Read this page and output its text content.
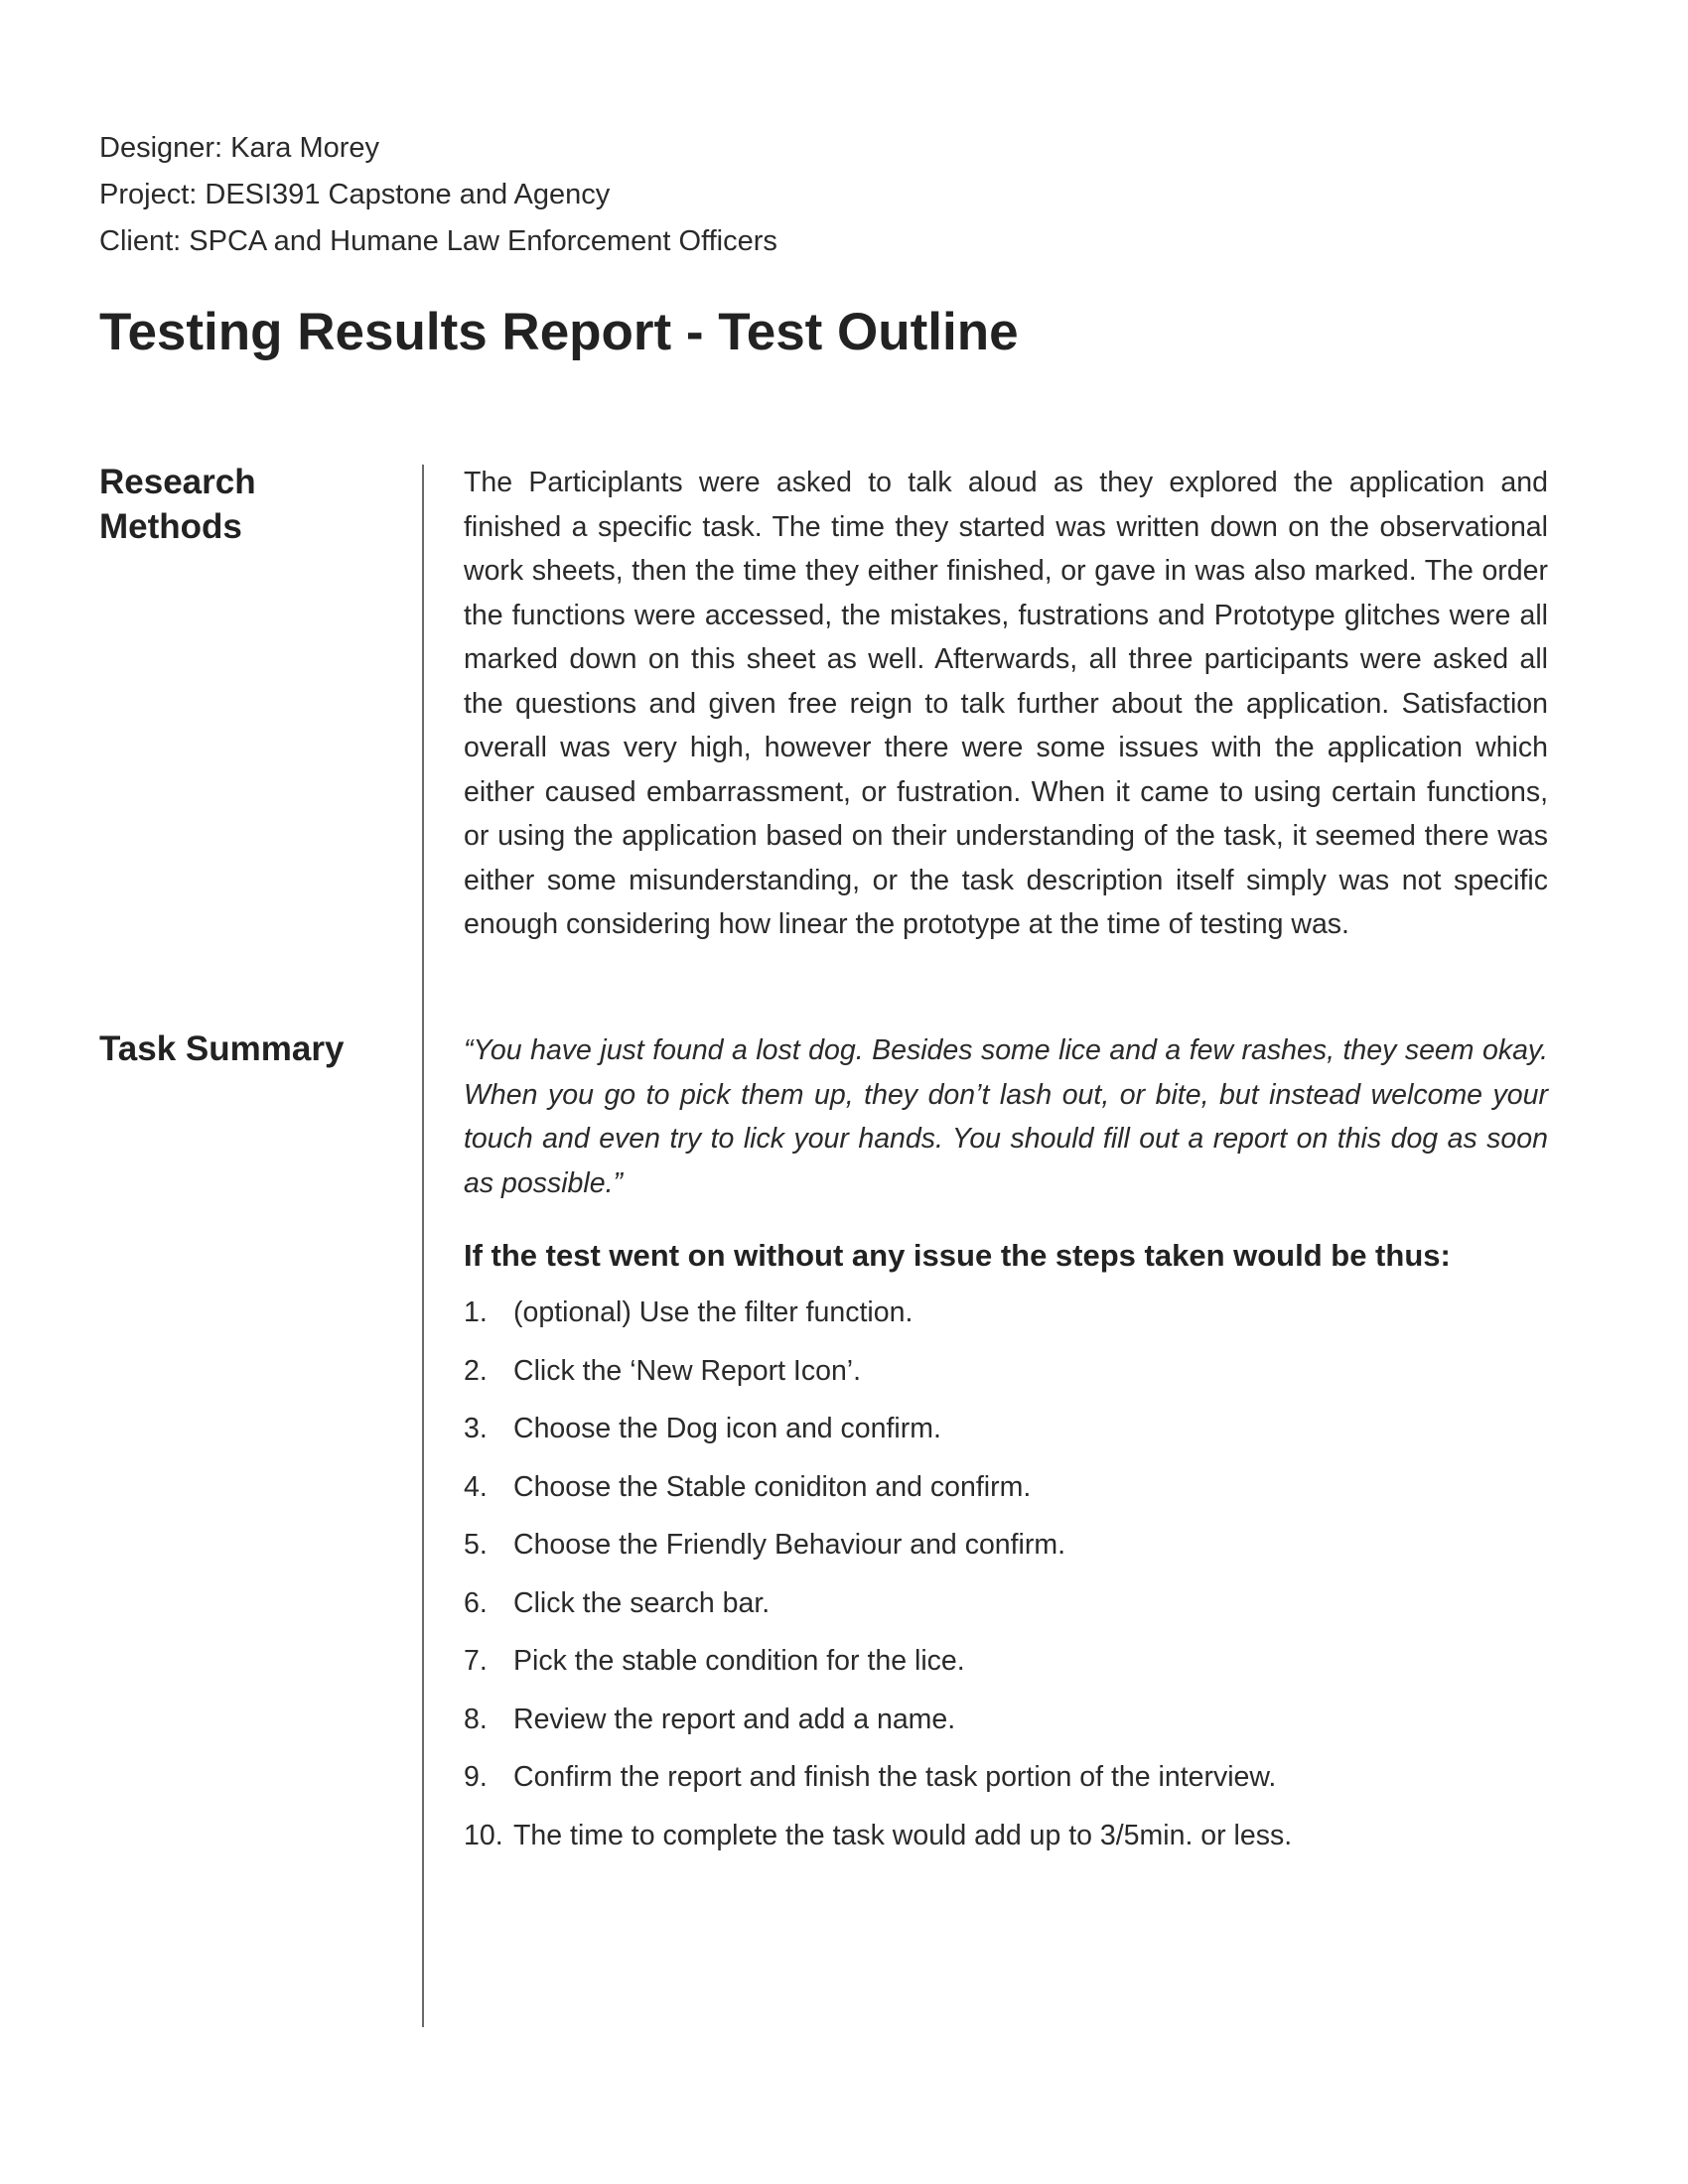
Designer: Kara Morey
Project: DESI391 Capstone and Agency
Client: SPCA and Humane Law Enforcement Officers
Testing Results Report - Test Outline
Research
Methods

The Participlants were asked to talk aloud as they explored the application and finished a specific task. The time they started was written down on the observational work sheets, then the time they either finished, or gave in was also marked. The order the functions were accessed, the mistakes, fustrations and Prototype glitches were all marked down on this sheet as well. Afterwards, all three participants were asked all the questions and given free reign to talk further about the application. Satisfaction overall was very high, however there were some issues with the application which either caused embarrassment, or fustration. When it came to using certain functions, or using the application based on their understanding of the task, it seemed there was either some misunderstanding, or the task description itself simply was not specific enough considering how linear the prototype at the time of testing was.

Task Summary	“You have just found a lost dog. Besides some lice and a few rashes, they seem okay. When you go to pick them up, they don’t lash out, or bite, but instead welcome your touch and even try to lick your hands. You should fill out a report on this dog as soon as possible.”

If the test went on without any issue the steps taken would be thus:

1. (optional) Use the filter function.
2. Click the ‘New Report Icon’.
3. Choose the Dog icon and confirm.
4. Choose the Stable coniditon and confirm.
5. Choose the Friendly Behaviour and confirm.
6. Click the search bar.
7. Pick the stable condition for the lice.
8. Review the report and add a name.
9. Confirm the report and finish the task portion of the interview.
10. The time to complete the task would add up to 3/5min. or less.
